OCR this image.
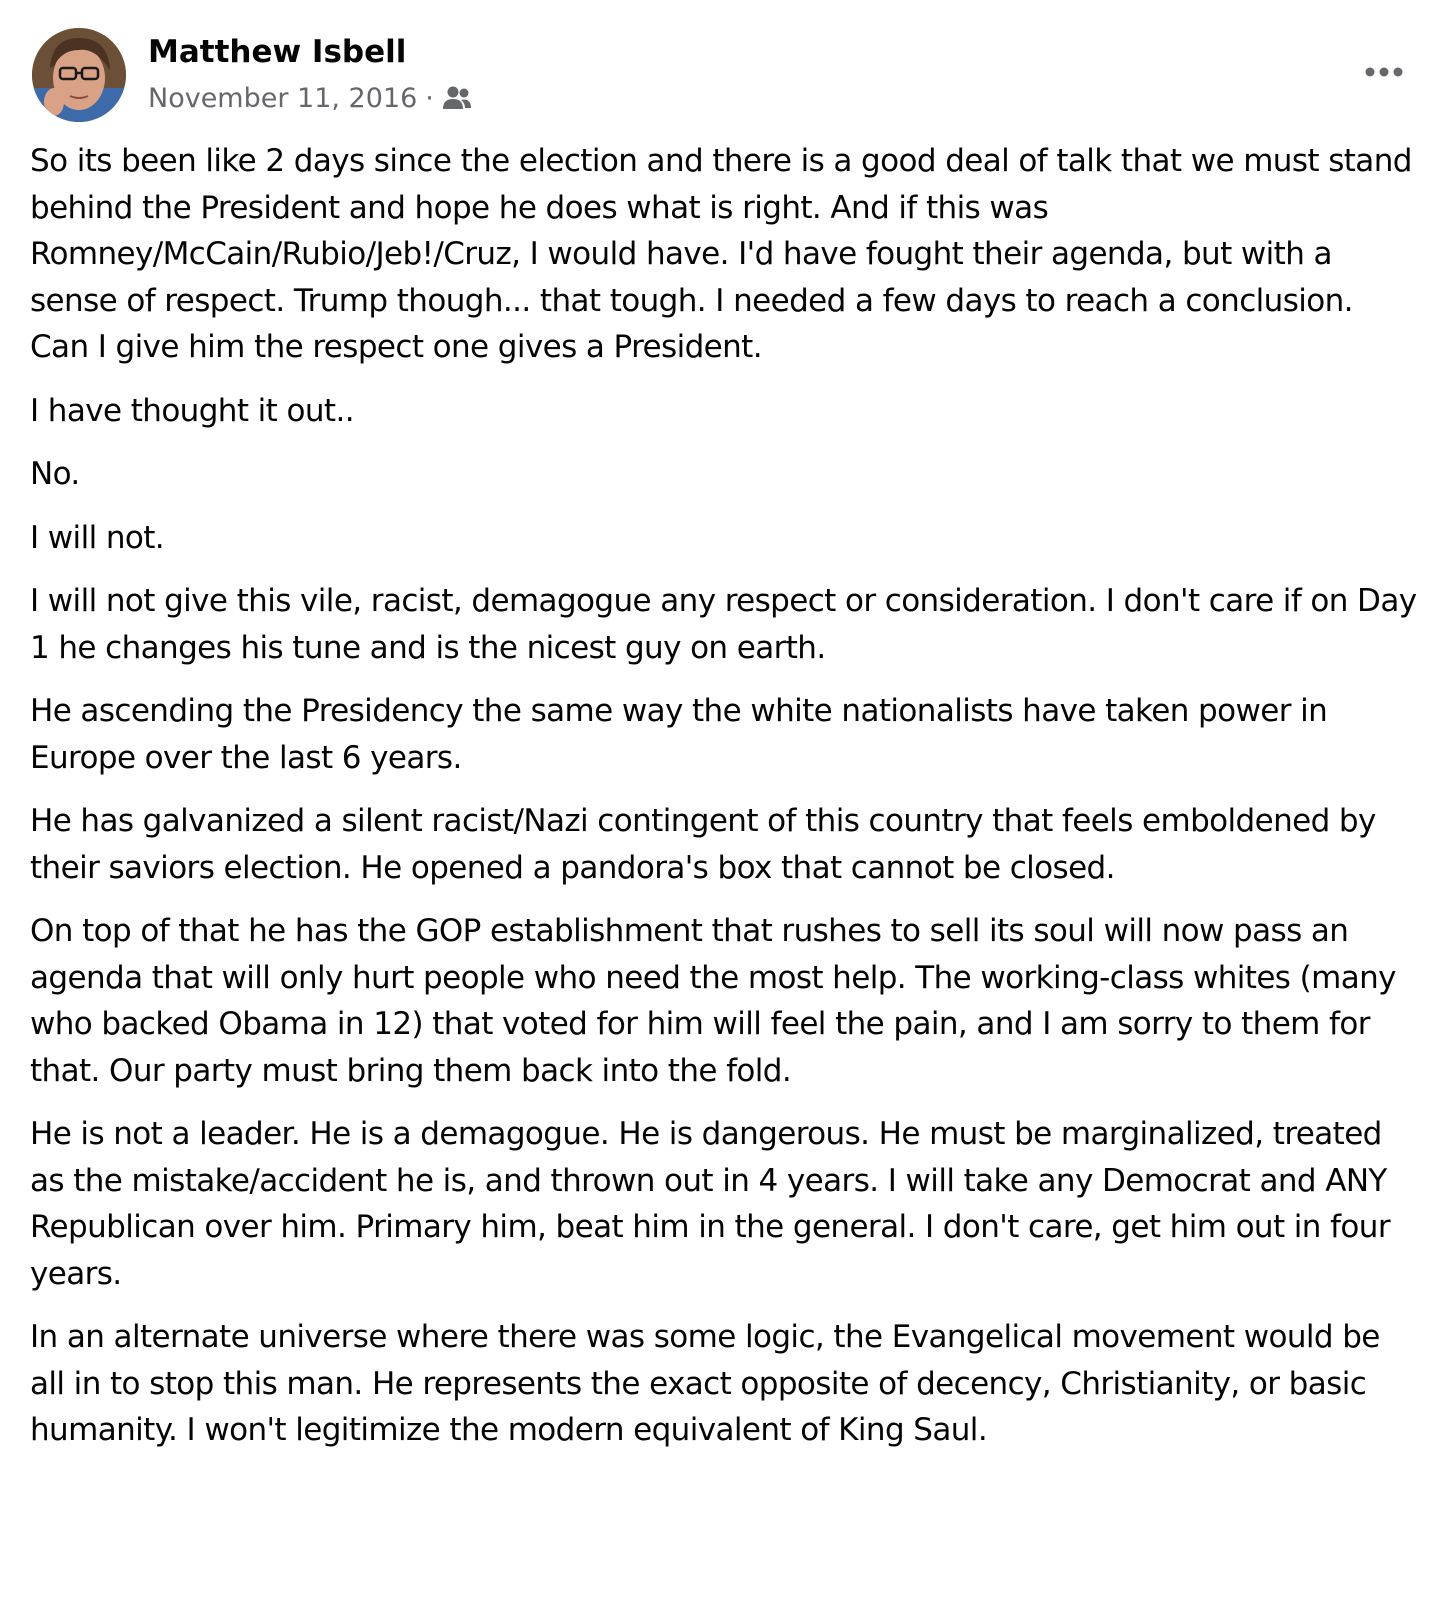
Matthew Isbell
November 11, 2016 ·

So its been like 2 days since the election and there is a good deal of talk that we must stand behind the President and hope he does what is right. And if this was Romney/McCain/Rubio/Jeb!/Cruz, I would have. I'd have fought their agenda, but with a sense of respect. Trump though... that tough. I needed a few days to reach a conclusion. Can I give him the respect one gives a President.

I have thought it out..

No.

I will not.

I will not give this vile, racist, demagogue any respect or consideration. I don't care if on Day 1 he changes his tune and is the nicest guy on earth.

He ascending the Presidency the same way the white nationalists have taken power in Europe over the last 6 years.

He has galvanized a silent racist/Nazi contingent of this country that feels emboldened by their saviors election. He opened a pandora's box that cannot be closed.

On top of that he has the GOP establishment that rushes to sell its soul will now pass an agenda that will only hurt people who need the most help. The working-class whites (many who backed Obama in 12) that voted for him will feel the pain, and I am sorry to them for that. Our party must bring them back into the fold.

He is not a leader. He is a demagogue. He is dangerous. He must be marginalized, treated as the mistake/accident he is, and thrown out in 4 years. I will take any Democrat and ANY Republican over him. Primary him, beat him in the general. I don't care, get him out in four years.

In an alternate universe where there was some logic, the Evangelical movement would be all in to stop this man. He represents the exact opposite of decency, Christianity, or basic humanity. I won't legitimize the modern equivalent of King Saul.
